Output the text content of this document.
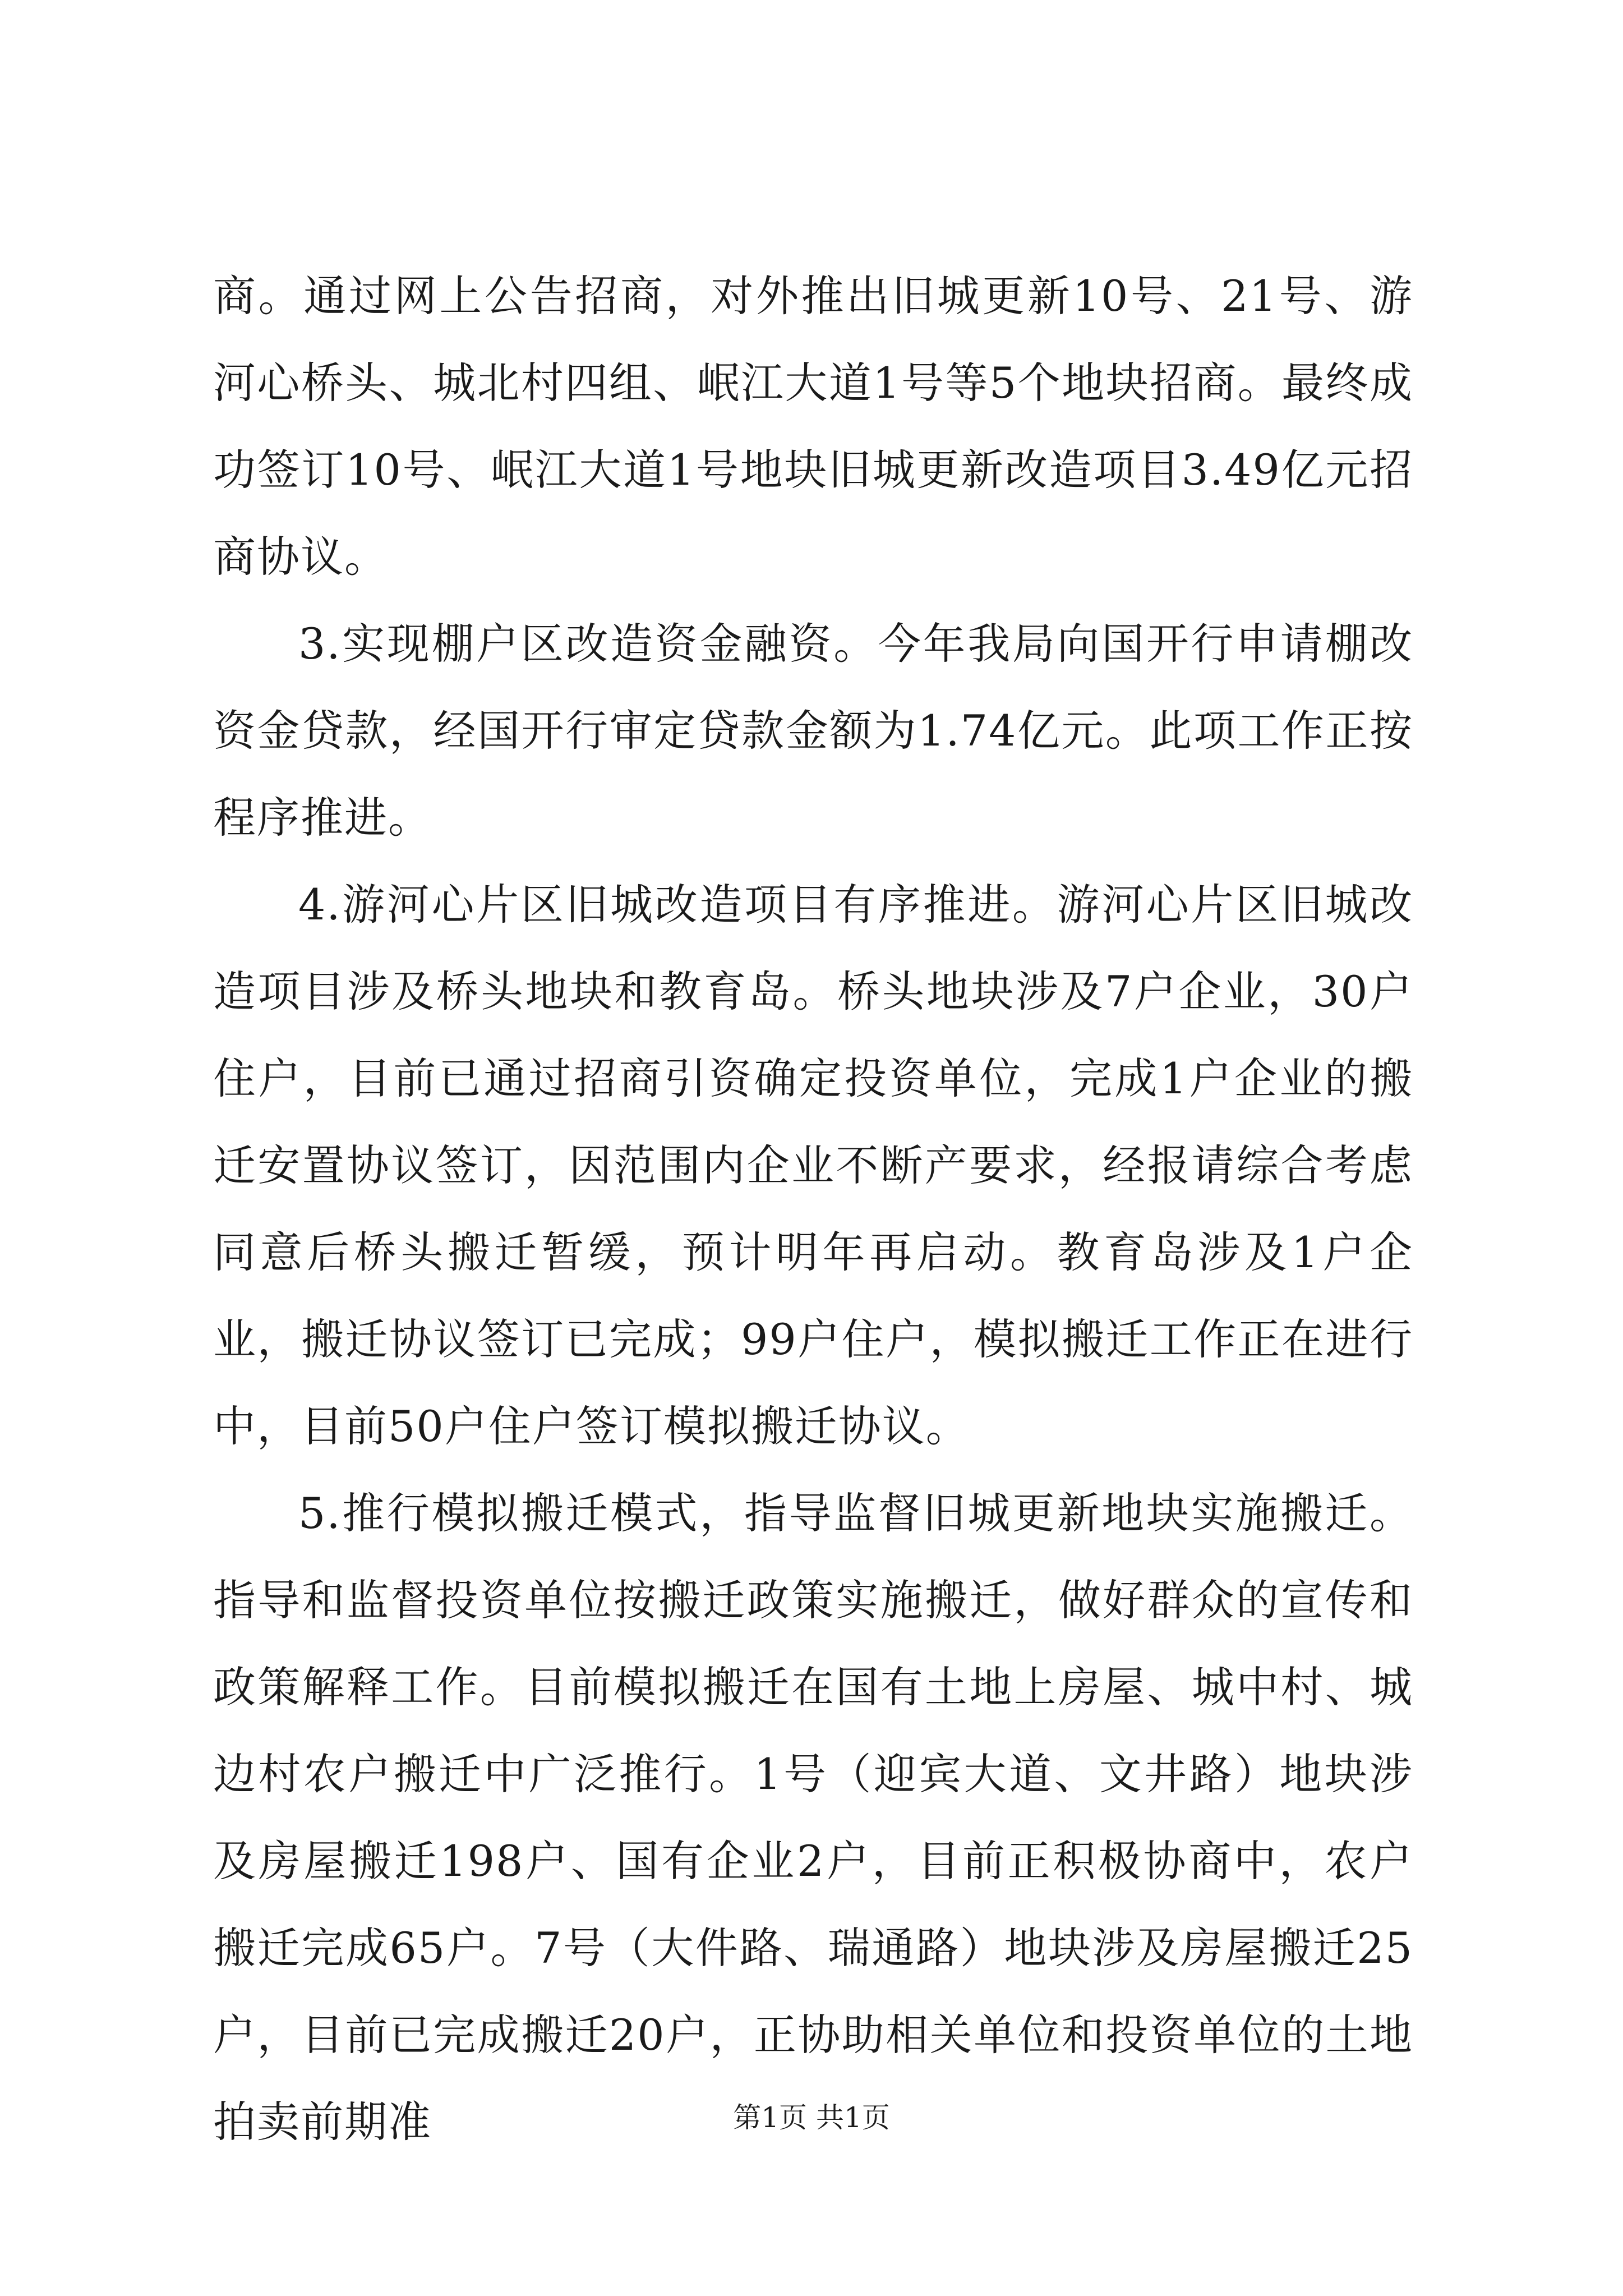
商。通过网上公告招商，对外推出旧城更新10号、21号、游河心桥头、城北村四组、岷江大道1号等5个地块招商。最终成功签订10号、岷江大道1号地块旧城更新改造项目3.49亿元招商协议。

3.实现棚户区改造资金融资。今年我局向国开行申请棚改资金贷款，经国开行审定贷款金额为1.74亿元。此项工作正按程序推进。

4.游河心片区旧城改造项目有序推进。游河心片区旧城改造项目涉及桥头地块和教育岛。桥头地块涉及7户企业，30户住户，目前已通过招商引资确定投资单位，完成1户企业的搬迁安置协议签订，因范围内企业不断产要求，经报请综合考虑同意后桥头搬迁暂缓，预计明年再启动。教育岛涉及1户企业，搬迁协议签订已完成；99户住户，模拟搬迁工作正在进行中，目前50户住户签订模拟搬迁协议。

5.推行模拟搬迁模式，指导监督旧城更新地块实施搬迁。指导和监督投资单位按搬迁政策实施搬迁，做好群众的宣传和政策解释工作。目前模拟搬迁在国有土地上房屋、城中村、城边村农户搬迁中广泛推行。1号（迎宾大道、文井路）地块涉及房屋搬迁198户、国有企业2户，目前正积极协商中，农户搬迁完成65户。7号（大件路、瑞通路）地块涉及房屋搬迁25户，目前已完成搬迁20户，正协助相关单位和投资单位的土地拍卖前期准	第1页 共1页
